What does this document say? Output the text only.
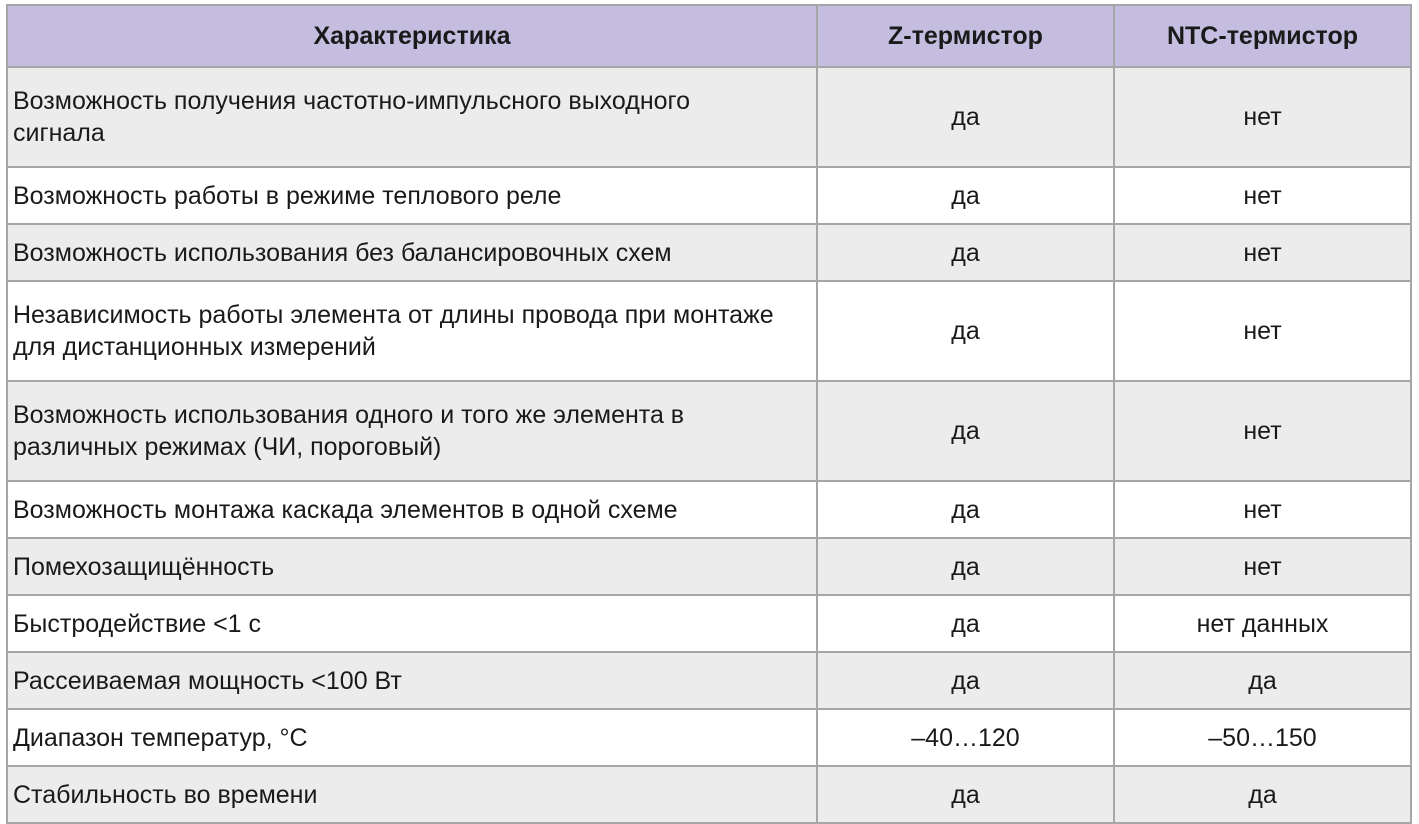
Характеристика	Z-термистор	NTC-термистор
Возможность получения частотно-импульсного выходного сигнала	да	нет
Возможность работы в режиме теплового реле	да	нет
Возможность использования без балансировочных схем	да	нет
Независимость работы элемента от длины провода при монтаже для дистанционных измерений	да	нет
Возможность использования одного и того же элемента в различных режимах (ЧИ, пороговый)	да	нет
Возможность монтажа каскада элементов в одной схеме	да	нет
Помехозащищённость	да	нет
Быстродействие <1 с	да	нет данных
Рассеиваемая мощность <100 Вт	да	да
Диапазон температур, °С	–40…120	–50…150
Стабильность во времени	да	да
